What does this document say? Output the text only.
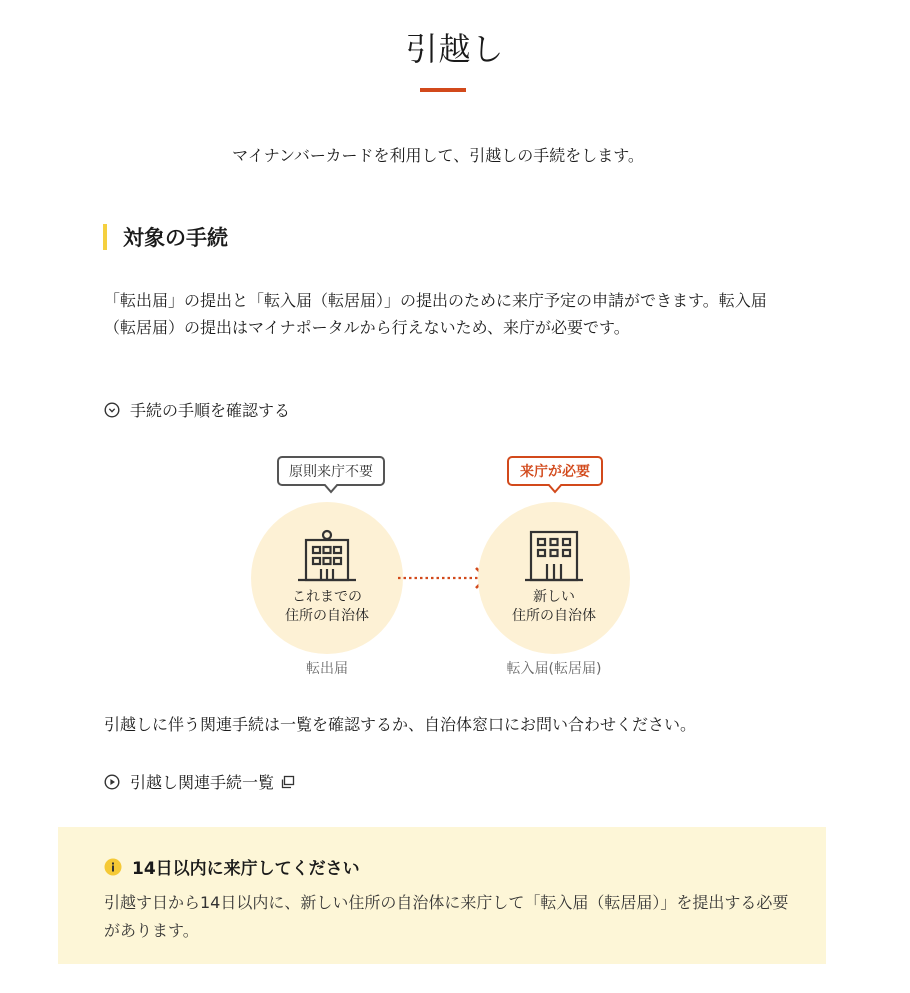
引越し
マイナンバーカードを利用して、引越しの手続をします。
対象の手続

「転出届」の提出と「転入届（転居届）」の提出のために来庁予定の申請ができます。転入届（転居届）の提出はマイナポータルから行えないため、来庁が必要です。

手続の手順を確認する
原則来庁不要	来庁が必要
これまでの
住所の自治体
新しい
住所の自治体
転出届	転入届(転居届)

引越しに伴う関連手続は一覧を確認するか、自治体窓口にお問い合わせください。

引越し関連手続一覧
14日以内に来庁してください

引越す日から14日以内に、新しい住所の自治体に来庁して「転入届（転居届）」を提出する必要があります。
